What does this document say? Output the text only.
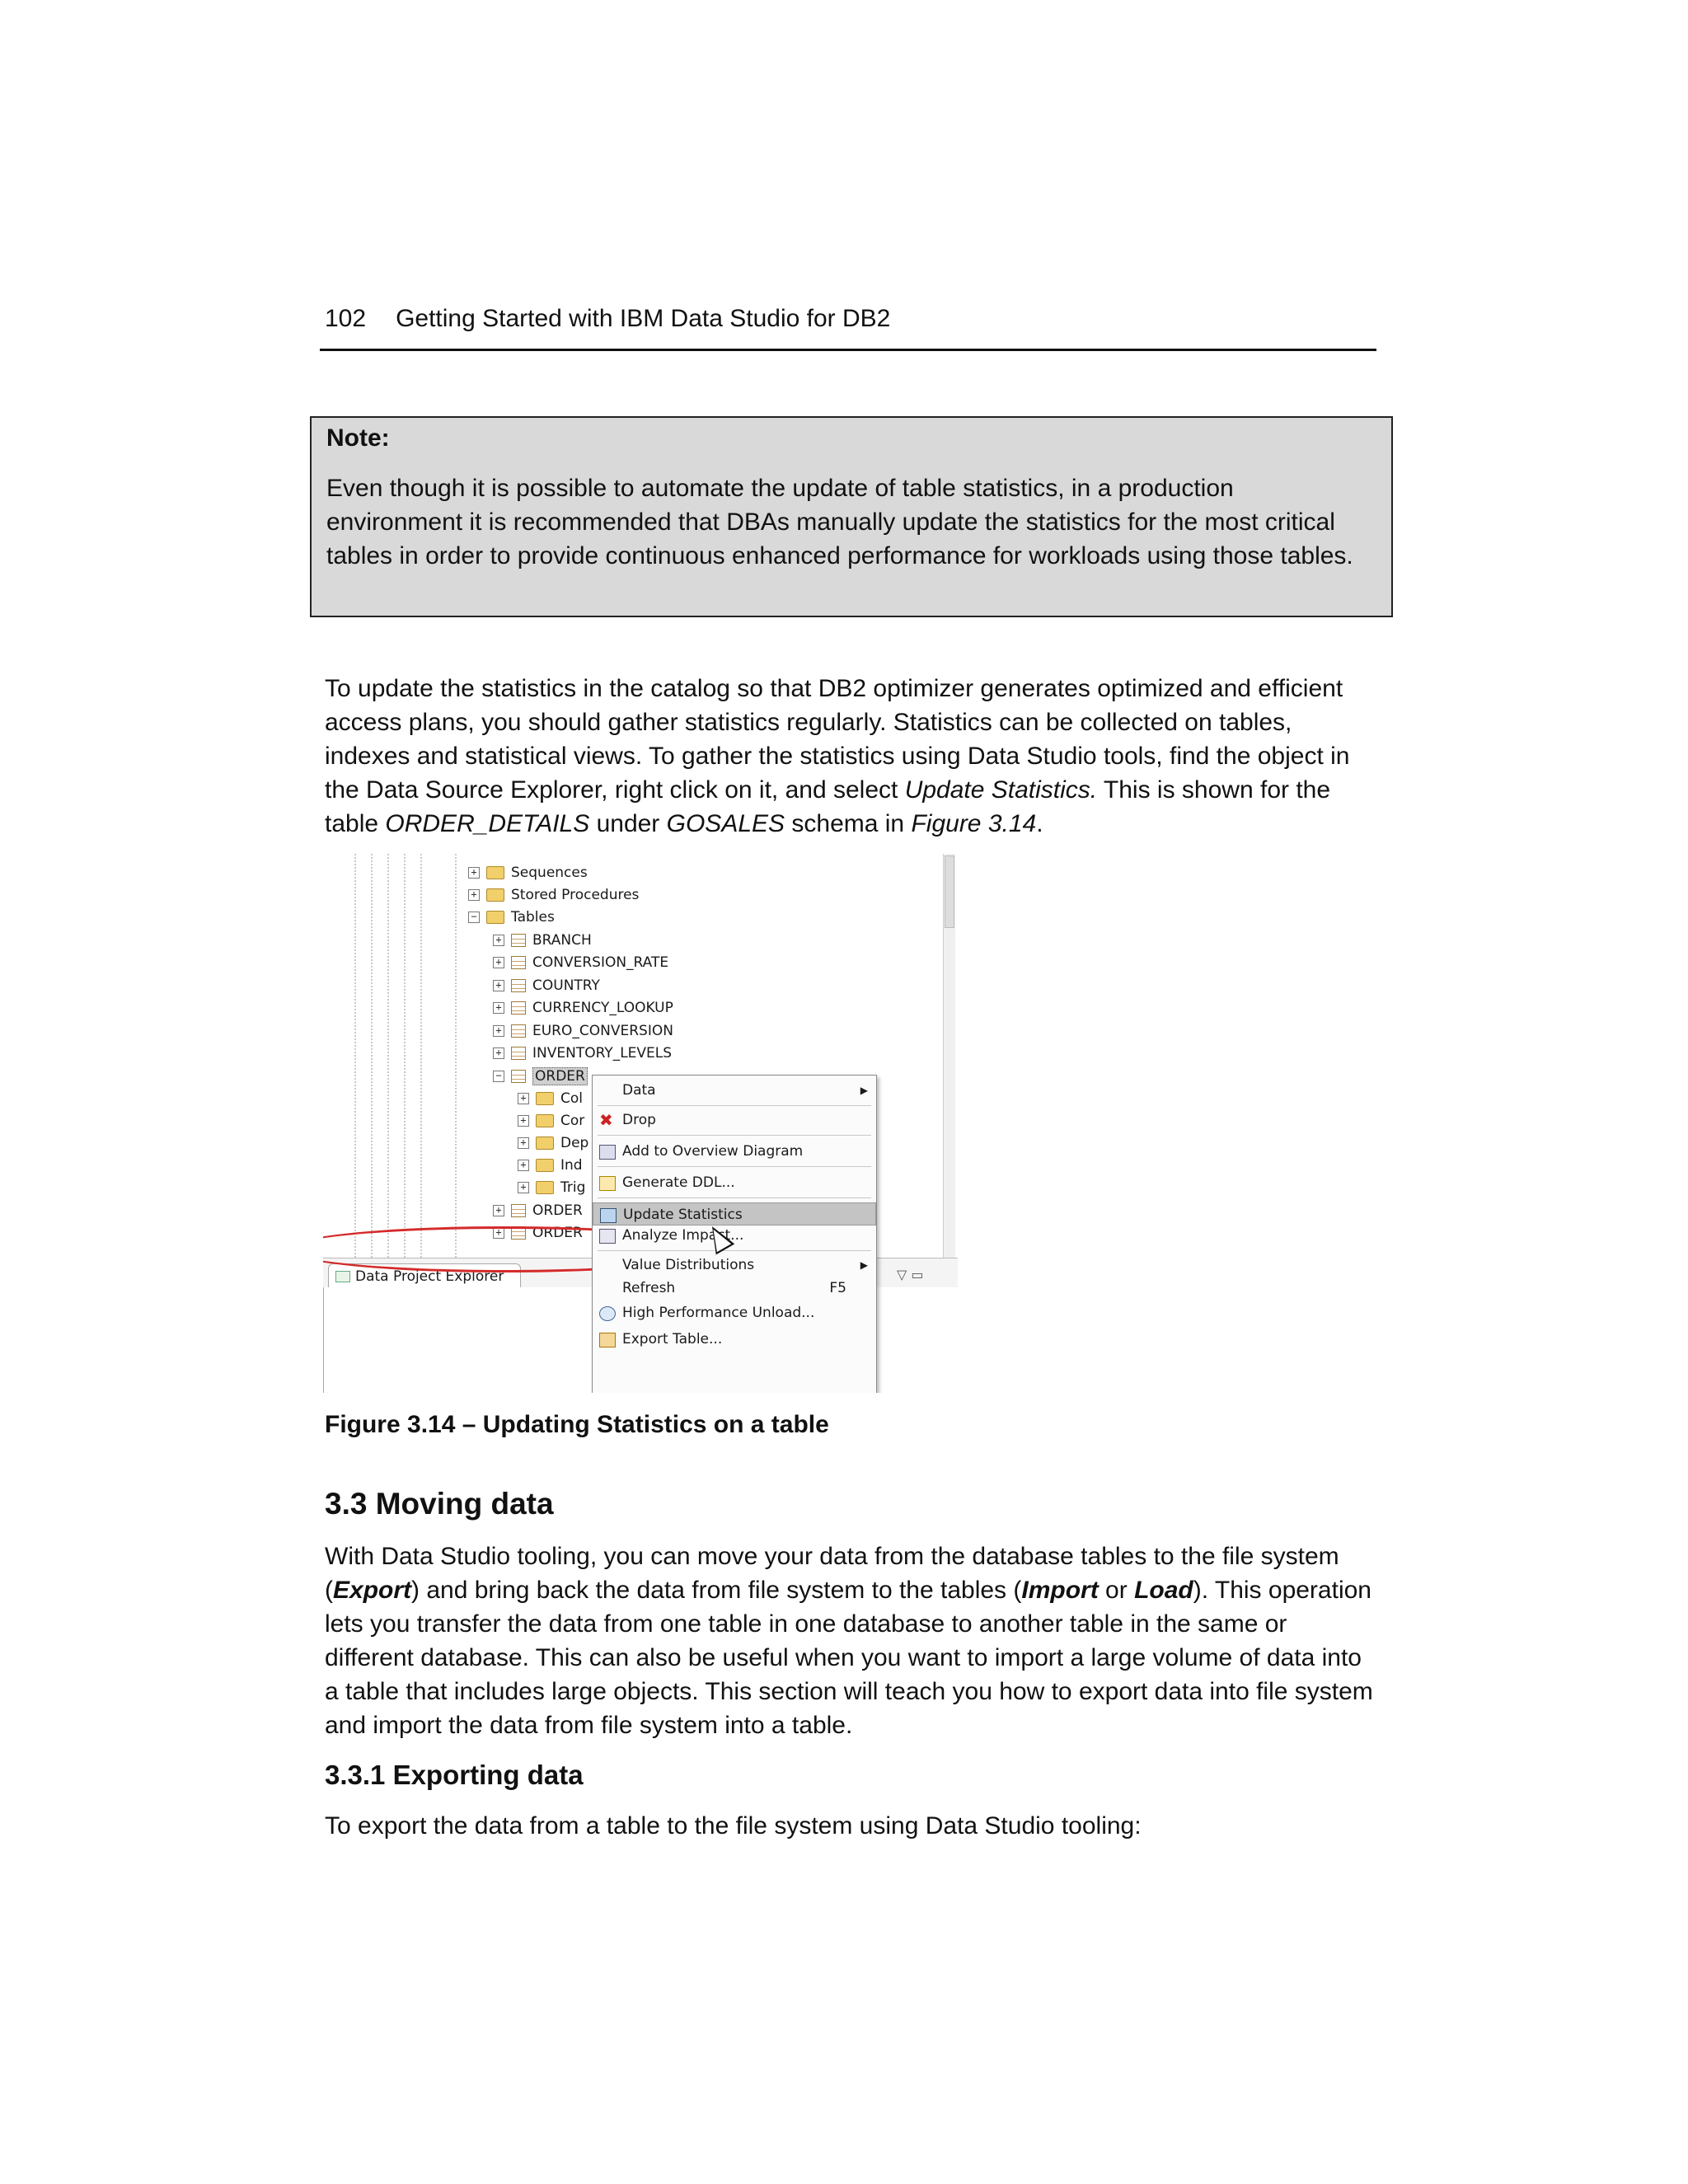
102 Getting Started with IBM Data Studio for DB2
Note:
Even though it is possible to automate the update of table statistics, in a production environment it is recommended that DBAs manually update the statistics for the most critical tables in order to provide continuous enhanced performance for workloads using those tables.
To update the statistics in the catalog so that DB2 optimizer generates optimized and efficient access plans, you should gather statistics regularly. Statistics can be collected on tables, indexes and statistical views. To gather the statistics using Data Studio tools, find the object in the Data Source Explorer, right click on it, and select Update Statistics. This is shown for the table ORDER_DETAILS under GOSALES schema in Figure 3.14.
+ Sequences
+ Stored Procedures
− Tables
+ BRANCH
+ CONVERSION_RATE
+ COUNTRY
+ CURRENCY_LOOKUP
+ EURO_CONVERSION
+ INVENTORY_LEVELS
− ORDER
+ Col
+ Cor
+ Dep
+ Ind
+ Trig
+ ORDER
+ ORDER
Data Project Explorer	▽ ▭
Data	▶
✖ Drop
Add to Overview Diagram
Generate DDL...
Update Statistics
Analyze Impact...
Value Distributions	▶
Refresh	F5
High Performance Unload...
Export Table...
Figure 3.14 – Updating Statistics on a table
3.3 Moving data
With Data Studio tooling, you can move your data from the database tables to the file system (Export) and bring back the data from file system to the tables (Import or Load). This operation lets you transfer the data from one table in one database to another table in the same or different database. This can also be useful when you want to import a large volume of data into a table that includes large objects. This section will teach you how to export data into file system and import the data from file system into a table.
3.3.1 Exporting data
To export the data from a table to the file system using Data Studio tooling:
